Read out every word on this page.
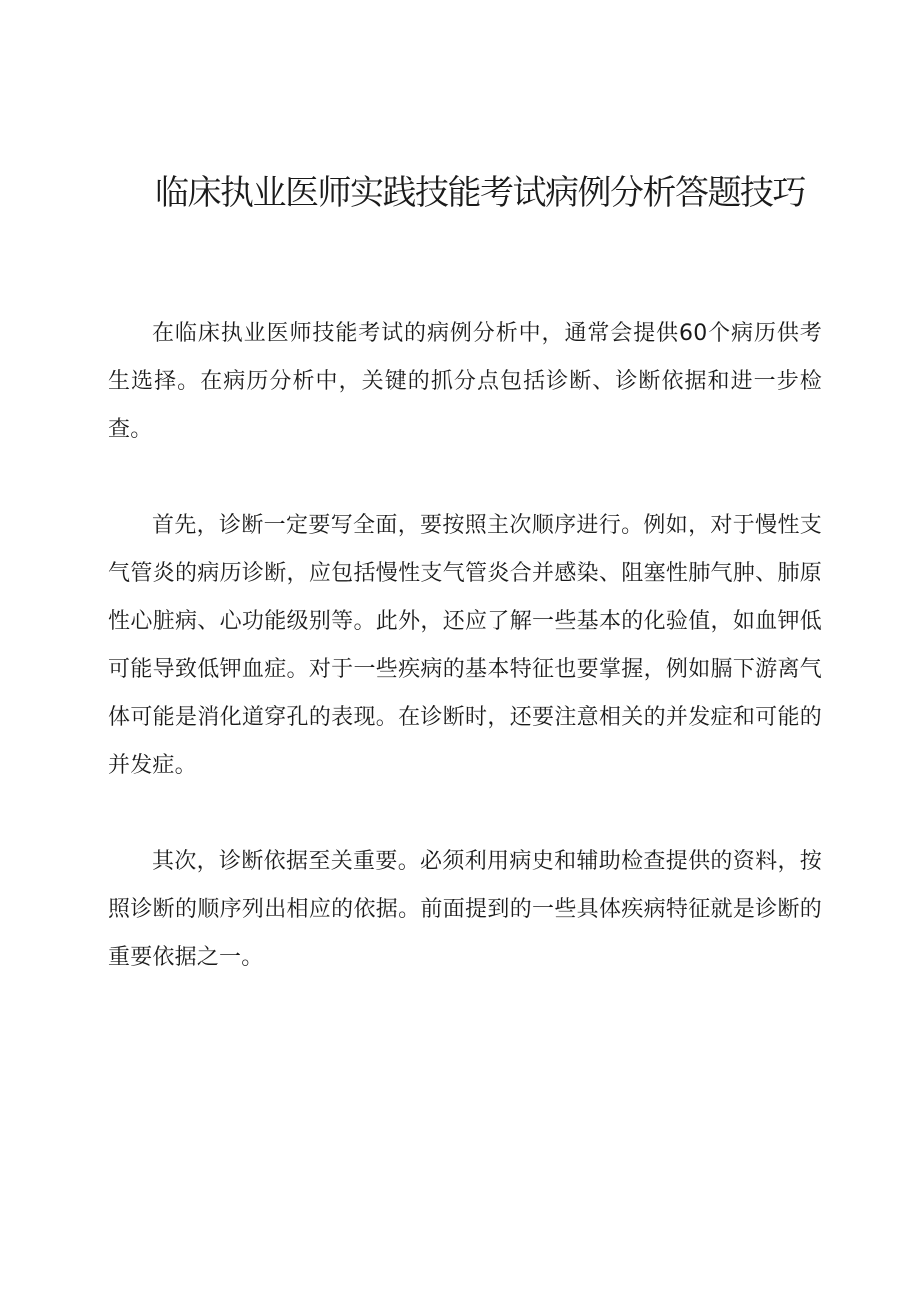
临床执业医师实践技能考试病例分析答题技巧

在临床执业医师技能考试的病例分析中，通常会提供60个病历供考生选择。在病历分析中，关键的抓分点包括诊断、诊断依据和进一步检查。

首先，诊断一定要写全面，要按照主次顺序进行。例如，对于慢性支气管炎的病历诊断，应包括慢性支气管炎合并感染、阻塞性肺气肿、肺原性心脏病、心功能级别等。此外，还应了解一些基本的化验值，如血钾低可能导致低钾血症。对于一些疾病的基本特征也要掌握，例如膈下游离气体可能是消化道穿孔的表现。在诊断时，还要注意相关的并发症和可能的并发症。

其次，诊断依据至关重要。必须利用病史和辅助检查提供的资料，按照诊断的顺序列出相应的依据。前面提到的一些具体疾病特征就是诊断的重要依据之一。
